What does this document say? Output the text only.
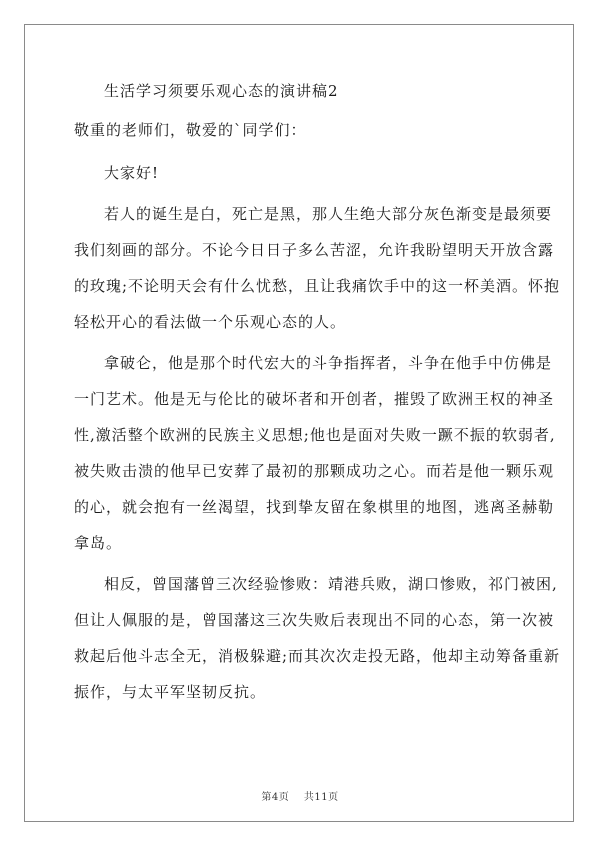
生活学习须要乐观心态的演讲稿2
敬重的老师们，敬爱的`同学们：
大家好!
若人的诞生是白，死亡是黑，那人生绝大部分灰色渐变是最须要
我们刻画的部分。不论今日日子多么苦涩，允许我盼望明天开放含露
的玫瑰;不论明天会有什么忧愁，且让我痛饮手中的这一杯美酒。怀抱
轻松开心的看法做一个乐观心态的人。
拿破仑，他是那个时代宏大的斗争指挥者，斗争在他手中仿佛是
一门艺术。他是无与伦比的破坏者和开创者，摧毁了欧洲王权的神圣
性,激活整个欧洲的民族主义思想;他也是面对失败一蹶不振的软弱者,
被失败击溃的他早已安葬了最初的那颗成功之心。而若是他一颗乐观
的心，就会抱有一丝渴望，找到挚友留在象棋里的地图，逃离圣赫勒
拿岛。
相反，曾国藩曾三次经验惨败：靖港兵败，湖口惨败，祁门被困,
但让人佩服的是，曾国藩这三次失败后表现出不同的心态，第一次被
救起后他斗志全无，消极躲避;而其次次走投无路，他却主动筹备重新
振作，与太平军坚韧反抗。
第4页    共11页
